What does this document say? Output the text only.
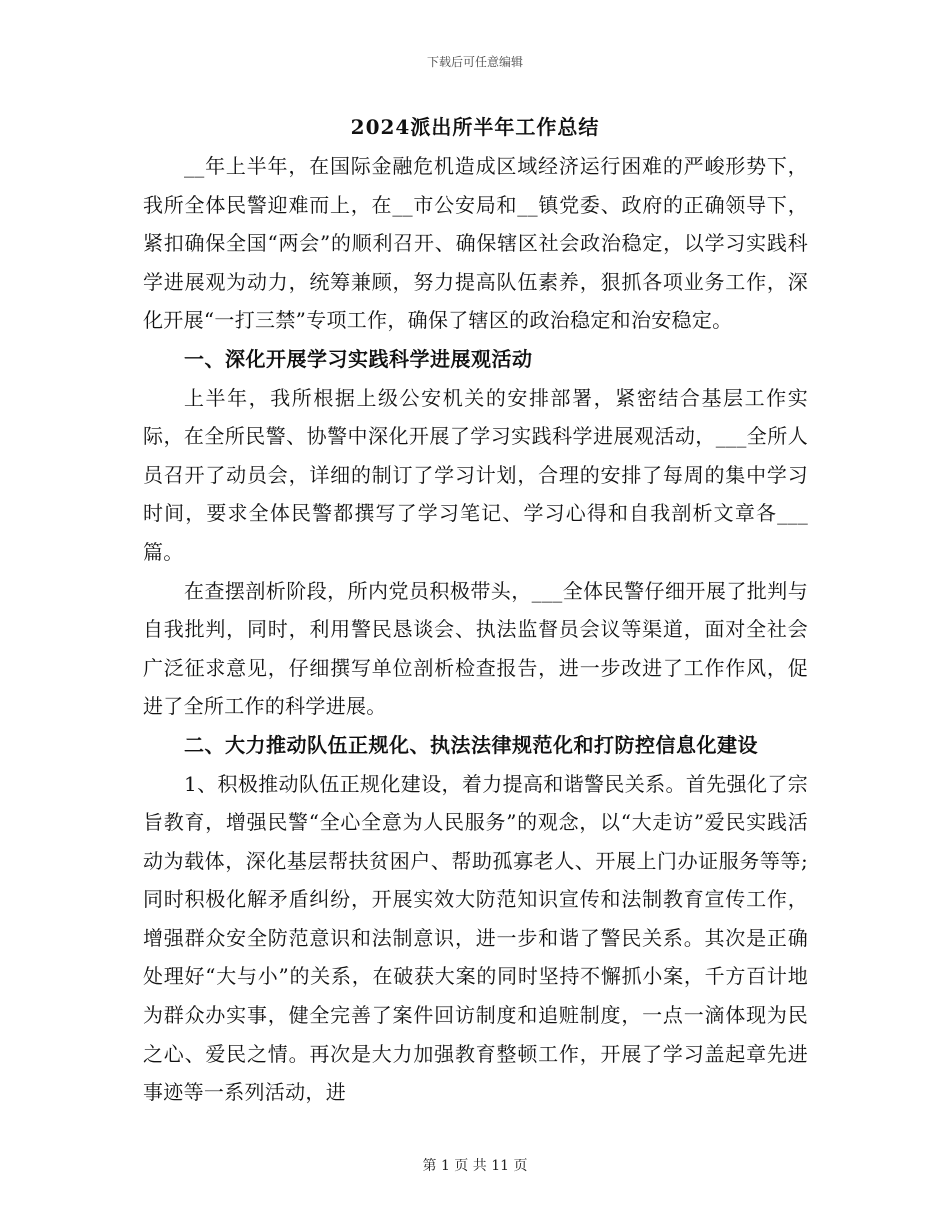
下载后可任意编辑
2024派出所半年工作总结

__年上半年，在国际金融危机造成区域经济运行困难的严峻形势下，我所全体民警迎难而上，在__市公安局和__镇党委、政府的正确领导下，紧扣确保全国“两会”的顺利召开、确保辖区社会政治稳定，以学习实践科学进展观为动力，统筹兼顾，努力提高队伍素养，狠抓各项业务工作，深化开展“一打三禁”专项工作，确保了辖区的政治稳定和治安稳定。

一、深化开展学习实践科学进展观活动

上半年，我所根据上级公安机关的安排部署，紧密结合基层工作实际，在全所民警、协警中深化开展了学习实践科学进展观活动，___全所人员召开了动员会，详细的制订了学习计划，合理的安排了每周的集中学习时间，要求全体民警都撰写了学习笔记、学习心得和自我剖析文章各___篇。

在查摆剖析阶段，所内党员积极带头，___全体民警仔细开展了批判与自我批判，同时，利用警民恳谈会、执法监督员会议等渠道，面对全社会广泛征求意见，仔细撰写单位剖析检查报告，进一步改进了工作作风，促进了全所工作的科学进展。

二、大力推动队伍正规化、执法法律规范化和打防控信息化建设

1、积极推动队伍正规化建设，着力提高和谐警民关系。首先强化了宗旨教育，增强民警“全心全意为人民服务”的观念，以“大走访”爱民实践活动为载体，深化基层帮扶贫困户、帮助孤寡老人、开展上门办证服务等等;同时积极化解矛盾纠纷，开展实效大防范知识宣传和法制教育宣传工作，增强群众安全防范意识和法制意识，进一步和谐了警民关系。其次是正确处理好“大与小”的关系，在破获大案的同时坚持不懈抓小案，千方百计地为群众办实事，健全完善了案件回访制度和追赃制度，一点一滴体现为民之心、爱民之情。再次是大力加强教育整顿工作，开展了学习盖起章先进事迹等一系列活动，进

第 1 页 共 11 页
